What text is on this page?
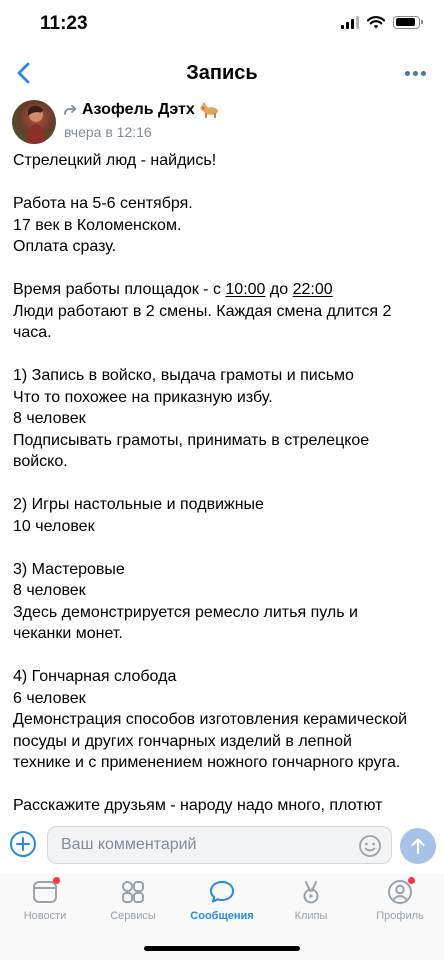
11:23
Запись
Азофель Дэтх
вчера в 12:16

Стрелецкий люд - найдись!

Работа на 5-6 сентября.

17 век в Коломенском.

Оплата сразу.

Время работы площадок - с 10:00 до 22:00

Люди работают в 2 смены. Каждая смена длится 2

часа.

1) Запись в войско, выдача грамоты и письмо

Что то похожее на приказную избу.

8 человек

Подписывать грамоты, принимать в стрелецкое

войско.

2) Игры настольные и подвижные

10 человек

3) Мастеровые

8 человек

Здесь демонстрируется ремесло литья пуль и

чеканки монет.

4) Гончарная слобода

6 человек

Демонстрация способов изготовления керамической

посуды и других гончарных изделий в лепной

технике и с применением ножного гончарного круга.

Расскажите друзьям - народу надо много, плотют

Ваш комментарий
Новости	Сервисы	Сообщения	Клипы	Профиль
